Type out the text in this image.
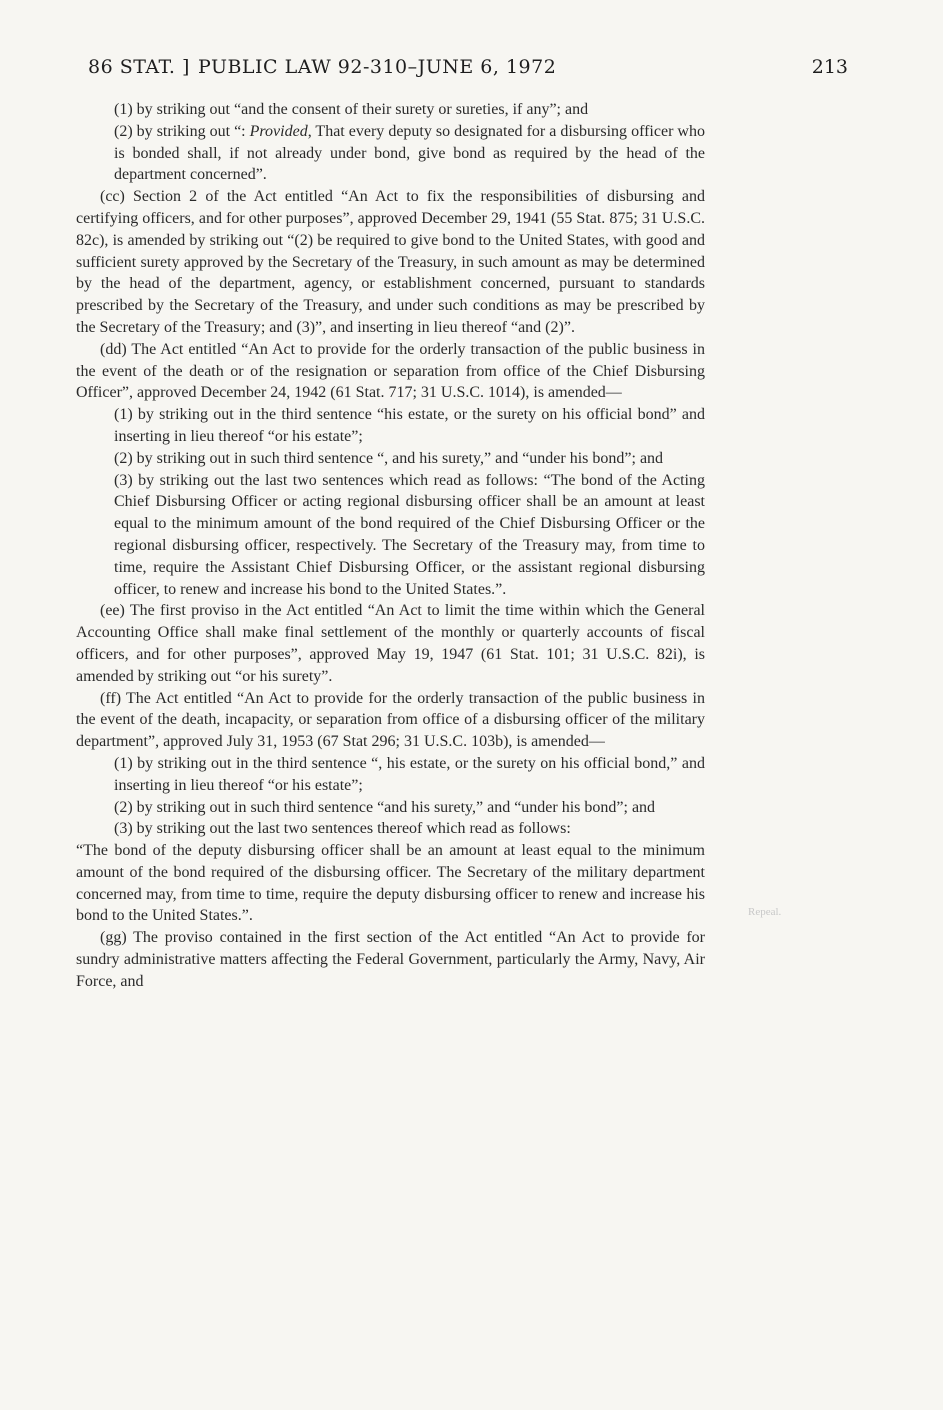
86 STAT. ] PUBLIC LAW 92-310–JUNE 6, 1972	213
Repeal.

(1) by striking out “and the consent of their surety or sureties, if any”; and

(2) by striking out “: Provided, That every deputy so designated for a disbursing officer who is bonded shall, if not already under bond, give bond as required by the head of the department concerned”.

(cc) Section 2 of the Act entitled “An Act to fix the responsibilities of disbursing and certifying officers, and for other purposes”, approved December 29, 1941 (55 Stat. 875; 31 U.S.C. 82c), is amended by striking out “(2) be required to give bond to the United States, with good and sufficient surety approved by the Secretary of the Treasury, in such amount as may be determined by the head of the department, agency, or establishment concerned, pursuant to standards prescribed by the Secretary of the Treasury, and under such conditions as may be prescribed by the Secretary of the Treasury; and (3)”, and inserting in lieu thereof “and (2)”.

(dd) The Act entitled “An Act to provide for the orderly transaction of the public business in the event of the death or of the resignation or separation from office of the Chief Disbursing Officer”, approved December 24, 1942 (61 Stat. 717; 31 U.S.C. 1014), is amended—

(1) by striking out in the third sentence “his estate, or the surety on his official bond” and inserting in lieu thereof “or his estate”;

(2) by striking out in such third sentence “, and his surety,” and “under his bond”; and

(3) by striking out the last two sentences which read as follows: “The bond of the Acting Chief Disbursing Officer or acting regional disbursing officer shall be an amount at least equal to the minimum amount of the bond required of the Chief Disbursing Officer or the regional disbursing officer, respectively. The Secretary of the Treasury may, from time to time, require the Assistant Chief Disbursing Officer, or the assistant regional disbursing officer, to renew and increase his bond to the United States.”.

(ee) The first proviso in the Act entitled “An Act to limit the time within which the General Accounting Office shall make final settlement of the monthly or quarterly accounts of fiscal officers, and for other purposes”, approved May 19, 1947 (61 Stat. 101; 31 U.S.C. 82i), is amended by striking out “or his surety”.

(ff) The Act entitled “An Act to provide for the orderly transaction of the public business in the event of the death, incapacity, or separation from office of a disbursing officer of the military department”, approved July 31, 1953 (67 Stat 296; 31 U.S.C. 103b), is amended—

(1) by striking out in the third sentence “, his estate, or the surety on his official bond,” and inserting in lieu thereof “or his estate”;

(2) by striking out in such third sentence “and his surety,” and “under his bond”; and

(3) by striking out the last two sentences thereof which read as follows:

“The bond of the deputy disbursing officer shall be an amount at least equal to the minimum amount of the bond required of the disbursing officer. The Secretary of the military department concerned may, from time to time, require the deputy disbursing officer to renew and increase his bond to the United States.”.

(gg) The proviso contained in the first section of the Act entitled “An Act to provide for sundry administrative matters affecting the Federal Government, particularly the Army, Navy, Air Force, and
